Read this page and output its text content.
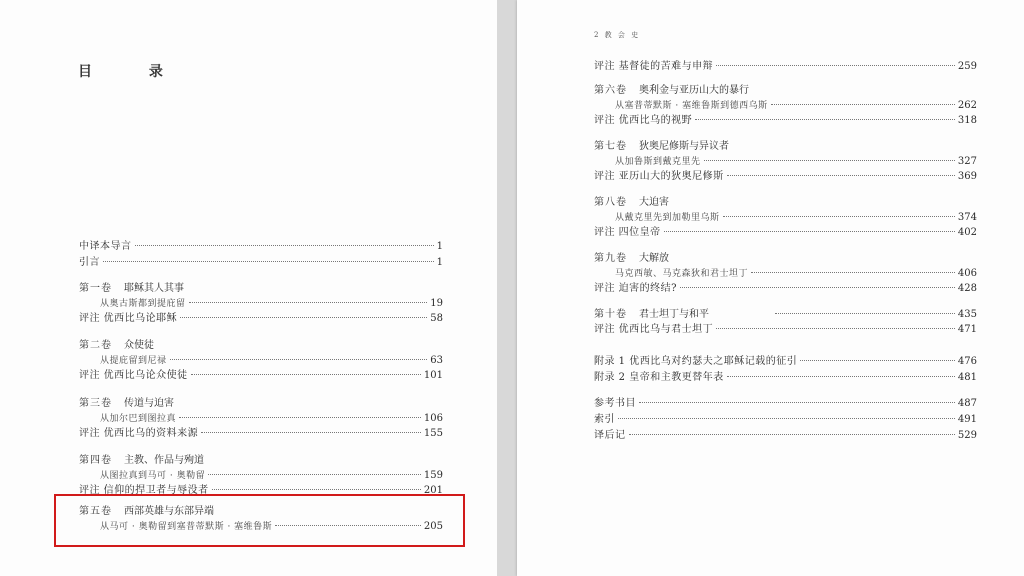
目 录
中译本导言	1
引言	1
第一卷 耶稣其人其事
从奥古斯都到提庇留	19
评注 优西比乌论耶稣	58
第二卷 众使徒
从提庇留到尼禄	63
评注 优西比乌论众使徒	101
第三卷 传道与迫害
从加尔巴到图拉真	106
评注 优西比乌的资料来源	155
第四卷 主教、作品与殉道
从图拉真到马可 · 奥勒留	159
评注 信仰的捍卫者与辱没者	201
第五卷 西部英雄与东部异端
从马可 · 奥勒留到塞普蒂默斯 · 塞维鲁斯	205
2 教 会 史
评注 基督徒的苦难与申辩	259
第六卷 奥利金与亚历山大的暴行
从塞普蒂默斯 · 塞维鲁斯到德西乌斯	262
评注 优西比乌的视野	318
第七卷 狄奥尼修斯与异议者
从加鲁斯到戴克里先	327
评注 亚历山大的狄奥尼修斯	369
第八卷 大迫害
从戴克里先到加勒里乌斯	374
评注 四位皇帝	402
第九卷 大解放
马克西敏、马克森狄和君士坦丁	406
评注 迫害的终结?	428
第十卷 君士坦丁与和平	435
评注 优西比乌与君士坦丁	471
附录 1 优西比乌对约瑟夫之耶稣记载的征引	476
附录 2 皇帝和主教更替年表	481
参考书目	487
索引	491
译后记	529
